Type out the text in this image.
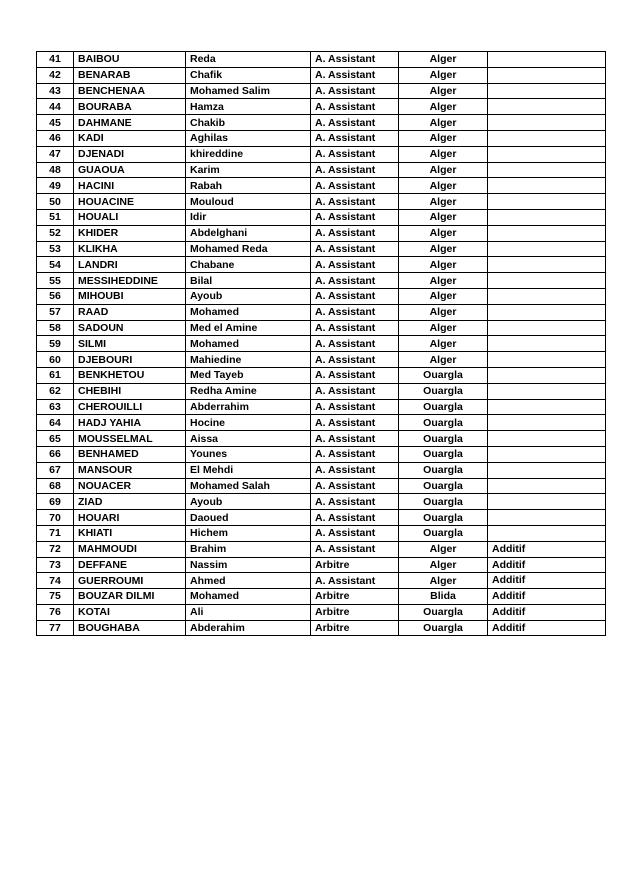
41	BAIBOU	Reda	A. Assistant	Alger	
42	BENARAB	Chafik	A. Assistant	Alger	
43	BENCHENAA	Mohamed Salim	A. Assistant	Alger	
44	BOURABA	Hamza	A. Assistant	Alger	
45	DAHMANE	Chakib	A. Assistant	Alger	
46	KADI	Aghilas	A. Assistant	Alger	
47	DJENADI	khireddine	A. Assistant	Alger	
48	GUAOUA	Karim	A. Assistant	Alger	
49	HACINI	Rabah	A. Assistant	Alger	
50	HOUACINE	Mouloud	A. Assistant	Alger	
51	HOUALI	Idir	A. Assistant	Alger	
52	KHIDER	Abdelghani	A. Assistant	Alger	
53	KLIKHA	Mohamed Reda	A. Assistant	Alger	
54	LANDRI	Chabane	A. Assistant	Alger	
55	MESSIHEDDINE	Bilal	A. Assistant	Alger	
56	MIHOUBI	Ayoub	A. Assistant	Alger	
57	RAAD	Mohamed	A. Assistant	Alger	
58	SADOUN	Med el Amine	A. Assistant	Alger	
59	SILMI	Mohamed	A. Assistant	Alger	
60	DJEBOURI	Mahiedine	A. Assistant	Alger	
61	BENKHETOU	Med Tayeb	A. Assistant	Ouargla	
62	CHEBIHI	Redha Amine	A. Assistant	Ouargla	
63	CHEROUILLI	Abderrahim	A. Assistant	Ouargla	
64	HADJ YAHIA	Hocine	A. Assistant	Ouargla	
65	MOUSSELMAL	Aissa	A. Assistant	Ouargla	
66	BENHAMED	Younes	A. Assistant	Ouargla	
67	MANSOUR	El Mehdi	A. Assistant	Ouargla	
68	NOUACER	Mohamed Salah	A. Assistant	Ouargla	
69	ZIAD	Ayoub	A. Assistant	Ouargla	
70	HOUARI	Daoued	A. Assistant	Ouargla	
71	KHIATI	Hichem	A. Assistant	Ouargla	
72	MAHMOUDI	Brahim	A. Assistant	Alger	Additif
73	DEFFANE	Nassim	Arbitre	Alger	Additif
74	GUERROUMI	Ahmed	A. Assistant	Alger	Additif
75	BOUZAR DILMI	Mohamed	Arbitre	Blida	Additif
76	KOTAI	Ali	Arbitre	Ouargla	Additif
77	BOUGHABA	Abderahim	Arbitre	Ouargla	Additif
